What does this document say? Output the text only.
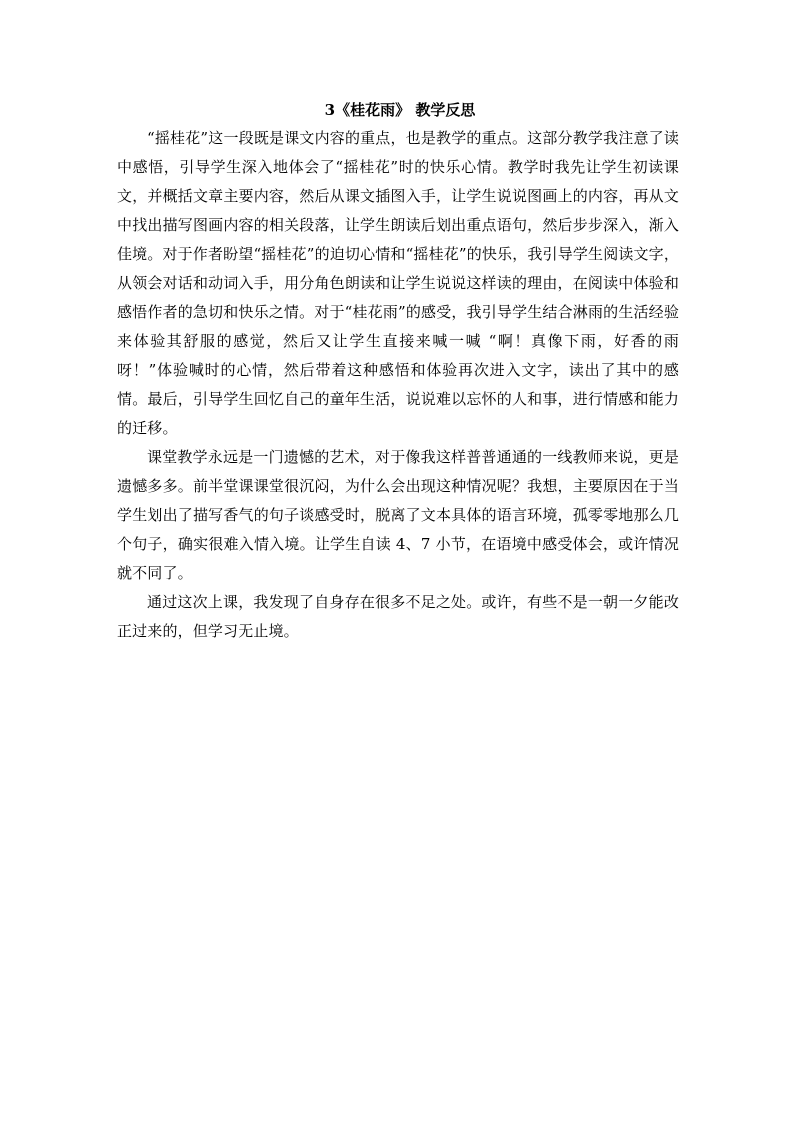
3《桂花雨》 教学反思

“摇桂花”这一段既是课文内容的重点，也是教学的重点。这部分教学我注意了读中感悟，引导学生深入地体会了“摇桂花”时的快乐心情。教学时我先让学生初读课文，并概括文章主要内容，然后从课文插图入手，让学生说说图画上的内容，再从文中找出描写图画内容的相关段落，让学生朗读后划出重点语句，然后步步深入，渐入佳境。对于作者盼望“摇桂花”的迫切心情和“摇桂花”的快乐，我引导学生阅读文字，从领会对话和动词入手，用分角色朗读和让学生说说这样读的理由，在阅读中体验和感悟作者的急切和快乐之情。对于“桂花雨”的感受，我引导学生结合淋雨的生活经验来体验其舒服的感觉，然后又让学生直接来喊一喊 “啊！真像下雨，好香的雨呀！”体验喊时的心情，然后带着这种感悟和体验再次进入文字，读出了其中的感情。最后，引导学生回忆自己的童年生活，说说难以忘怀的人和事，进行情感和能力的迁移。

课堂教学永远是一门遗憾的艺术，对于像我这样普普通通的一线教师来说，更是遗憾多多。前半堂课课堂很沉闷，为什么会出现这种情况呢？我想，主要原因在于当学生划出了描写香气的句子谈感受时，脱离了文本具体的语言环境，孤零零地那么几个句子，确实很难入情入境。让学生自读 4、7 小节，在语境中感受体会，或许情况就不同了。

通过这次上课，我发现了自身存在很多不足之处。或许，有些不是一朝一夕能改正过来的，但学习无止境。
